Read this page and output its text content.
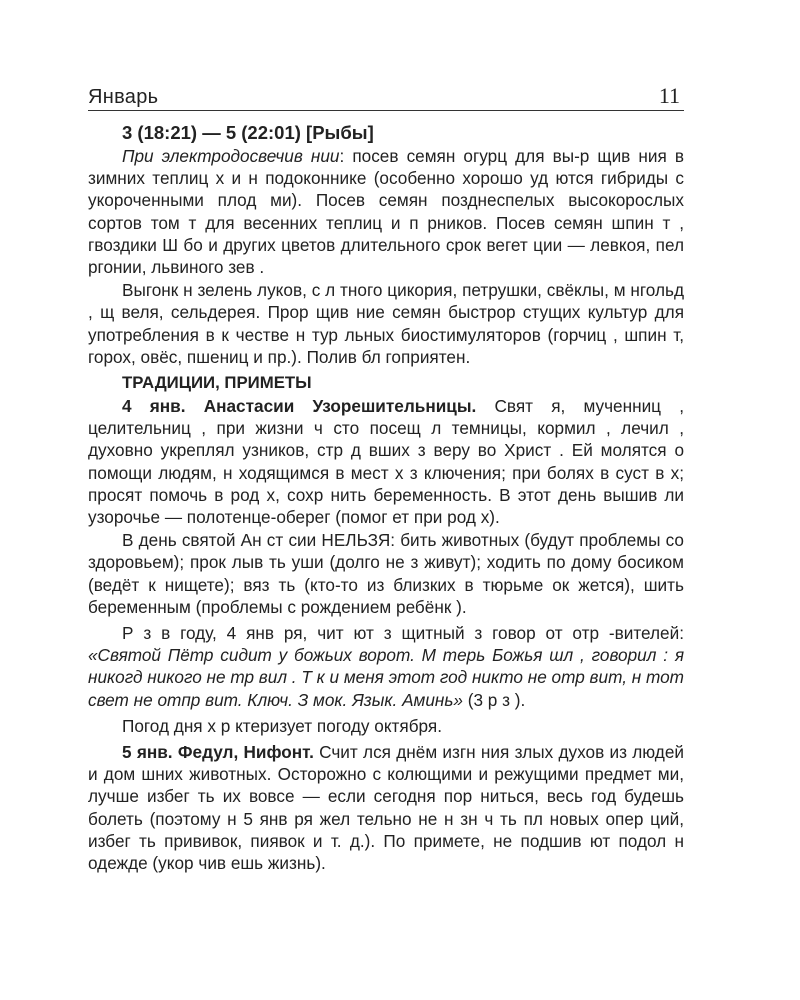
Январь	11
3 (18:21) — 5 (22:01) [Рыбы]

При электродосвечив нии: посев семян огурц для вы-р щив ния в зимних теплиц х и н подоконнике (особенно хорошо уд ются гибриды с укороченными плод ми). Посев семян позднеспелых высокорослых сортов том т для весенних теплиц и п рников. Посев семян шпин т , гвоздики Ш бо и других цветов длительного срок вегет ции — левкоя, пел ргонии, львиного зев .

Выгонк н зелень луков, с л тного цикория, петрушки, свёклы, м нгольд , щ веля, сельдерея. Прор щив ние семян быстрор стущих культур для употребления в к честве н тур льных биостимуляторов (горчиц , шпин т, горох, овёс, пшениц и пр.). Полив бл гоприятен.

ТРАДИЦИИ, ПРИМЕТЫ

4 янв. Анастасии Узорешительницы. Свят я, мученниц , целительниц , при жизни ч сто посещ л темницы, кормил , лечил , духовно укреплял узников, стр д вших з веру во Христ . Ей молятся о помощи людям, н ходящимся в мест х з ключения; при болях в суст в х; просят помочь в род х, сохр нить беременность. В этот день вышив ли узорочье — полотенце-оберег (помог ет при род х).

В день святой Ан ст сии НЕЛЬЗЯ: бить животных (будут проблемы со здоровьем); прок лыв ть уши (долго не з живут); ходить по дому босиком (ведёт к нищете); вяз ть (кто-то из близких в тюрьме ок жется), шить беременным (проблемы с рождением ребёнк ).

Р з в году, 4 янв ря, чит ют з щитный з говор от отр -вителей: «Святой Пётр сидит у божьих ворот. М терь Божья шл , говорил : я никогд никого не тр вил . Т к и меня этот год никто не отр вит, н тот свет не отпр вит. Ключ. З мок. Язык. Аминь» (3 р з ).

Погод дня х р ктеризует погоду октября.

5 янв. Федул, Нифонт. Счит лся днём изгн ния злых духов из людей и дом шних животных. Осторожно с колющими и режущими предмет ми, лучше избег ть их вовсе — если сегодня пор ниться, весь год будешь болеть (поэтому н 5 янв ря жел тельно не н зн ч ть пл новых опер ций, избег ть прививок, пиявок и т. д.). По примете, не подшив ют подол н одежде (укор чив ешь жизнь).
